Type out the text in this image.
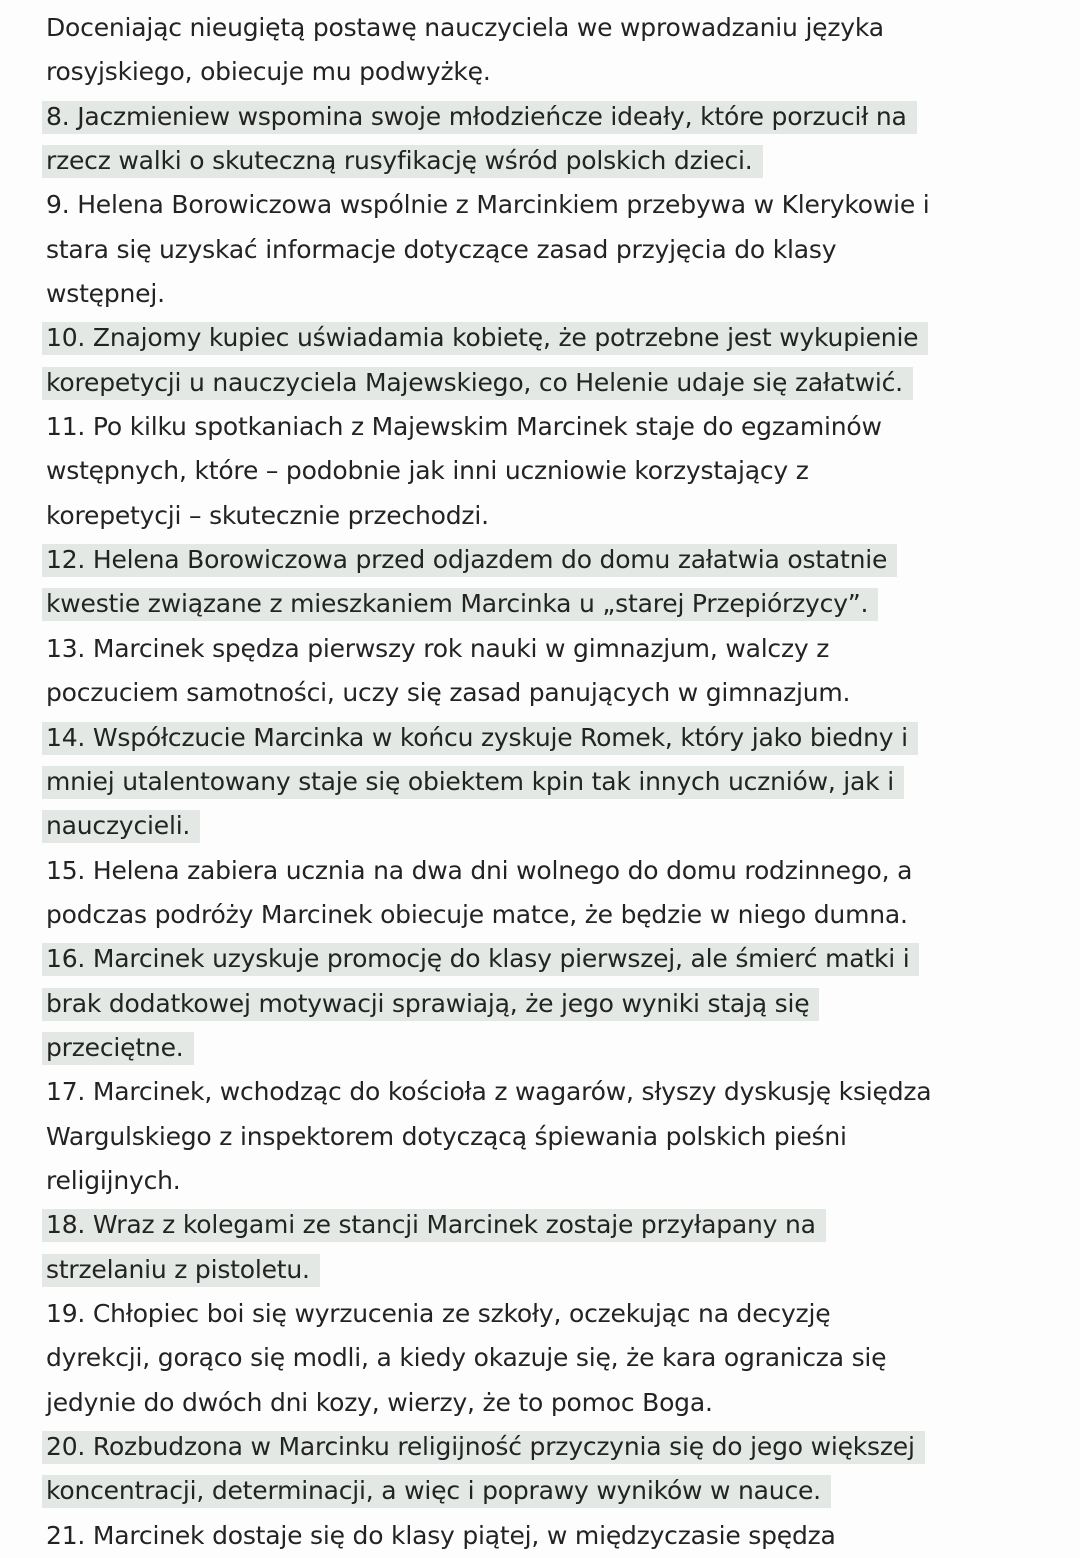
Doceniając nieugiętą postawę nauczyciela we wprowadzaniu języka
rosyjskiego, obiecuje mu podwyżkę.
8. Jaczmieniew wspomina swoje młodzieńcze ideały, które porzucił na
rzecz walki o skuteczną rusyfikację wśród polskich dzieci.
9. Helena Borowiczowa wspólnie z Marcinkiem przebywa w Klerykowie i
stara się uzyskać informacje dotyczące zasad przyjęcia do klasy
wstępnej.
10. Znajomy kupiec uświadamia kobietę, że potrzebne jest wykupienie
korepetycji u nauczyciela Majewskiego, co Helenie udaje się załatwić.
11. Po kilku spotkaniach z Majewskim Marcinek staje do egzaminów
wstępnych, które – podobnie jak inni uczniowie korzystający z
korepetycji – skutecznie przechodzi.
12. Helena Borowiczowa przed odjazdem do domu załatwia ostatnie
kwestie związane z mieszkaniem Marcinka u „starej Przepiórzycy”.
13. Marcinek spędza pierwszy rok nauki w gimnazjum, walczy z
poczuciem samotności, uczy się zasad panujących w gimnazjum.
14. Współczucie Marcinka w końcu zyskuje Romek, który jako biedny i
mniej utalentowany staje się obiektem kpin tak innych uczniów, jak i
nauczycieli.
15. Helena zabiera ucznia na dwa dni wolnego do domu rodzinnego, a
podczas podróży Marcinek obiecuje matce, że będzie w niego dumna.
16. Marcinek uzyskuje promocję do klasy pierwszej, ale śmierć matki i
brak dodatkowej motywacji sprawiają, że jego wyniki stają się
przeciętne.
17. Marcinek, wchodząc do kościoła z wagarów, słyszy dyskusję księdza
Wargulskiego z inspektorem dotyczącą śpiewania polskich pieśni
religijnych.
18. Wraz z kolegami ze stancji Marcinek zostaje przyłapany na
strzelaniu z pistoletu.
19. Chłopiec boi się wyrzucenia ze szkoły, oczekując na decyzję
dyrekcji, gorąco się modli, a kiedy okazuje się, że kara ogranicza się
jedynie do dwóch dni kozy, wierzy, że to pomoc Boga.
20. Rozbudzona w Marcinku religijność przyczynia się do jego większej
koncentracji, determinacji, a więc i poprawy wyników w nauce.
21. Marcinek dostaje się do klasy piątej, w międzyczasie spędza
